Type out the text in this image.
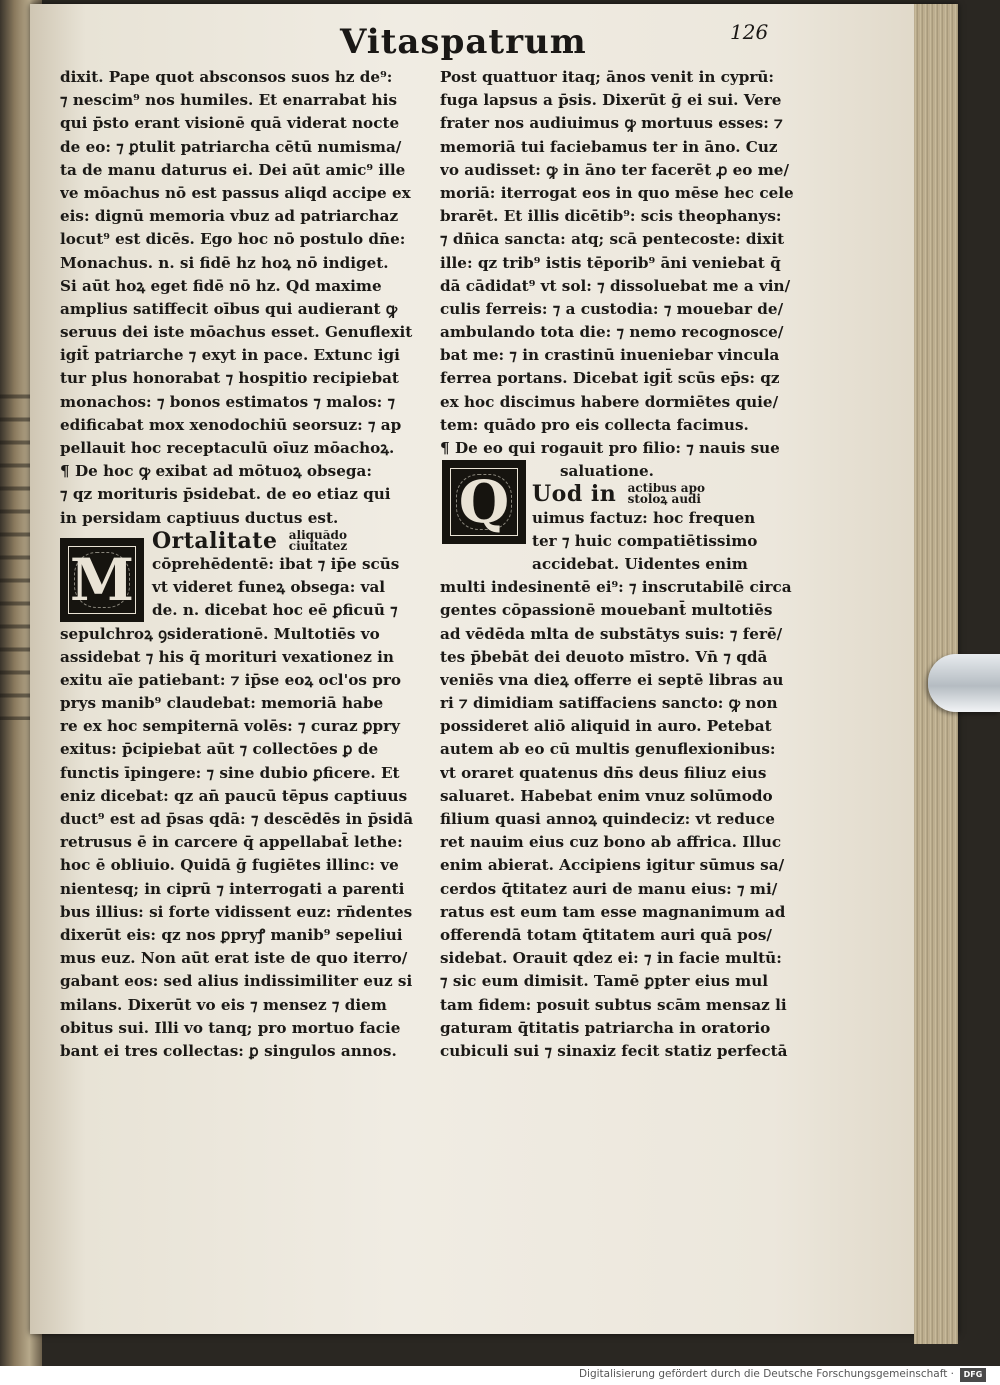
Vitaspatrum	126
dixit. Pape quot absconsos suos hz de⁹:
⁊ nescim⁹ nos humiles. Et enarrabat his
qui p̄sto erant visionē quā viderat nocte
de eo: ⁊ ꝑtulit patriarcha cētū numisma/
ta de manu daturus ei. Dei aūt amic⁹ ille
ve mōachus nō est passus aliqd accipe ex
eis: dignū memoria vbuz ad patriarchaz
locut⁹ est dicēs. Ego hoc nō postulo dn̄e:
Monachus. n. si fidē hz hoꝝ nō indiget.
Si aūt hoꝝ eget fidē nō hz. Qd maxime
amplius satiffecit oībus qui audierant ꝙ
seruus dei iste mōachus esset. Genuflexit
igit̄ patriarche ⁊ exyt in pace. Extunc igi
tur plus honorabat ⁊ hospitio recipiebat
monachos: ⁊ bonos estimatos ⁊ malos: ⁊
edificabat mox xenodochiū seorsuz: ⁊ ap
pellauit hoc receptaculū oīuz mōachoꝝ.
¶ De hoc ꝙ exibat ad mōtuoꝝ obsega:
⁊ qz morituris p̄sidebat. de eo etiaz qui
in persidam captiuus ductus est.
Ortalitate aliquādo
ciuitatez
cōprehēdentē: ibat ⁊ ip̄e scūs
vt videret funeꝝ obsega: val
de. n. dicebat hoc eē ꝑficuū ⁊
sepulchroꝝ ꝯsiderationē. Multotiēs vo
assidebat ⁊ his q̄ morituri vexationez in
exitu aīe patiebant: ⁊ ip̄se eoꝝ ocl'os pro
prys manib⁹ claudebat: memoriā habe
re ex hoc sempiternā volēs: ⁊ curaz ꝑpry
exitus: p̄cipiebat aūt ⁊ collectōes ꝑ de
functis īpingere: ⁊ sine dubio ꝑficere. Et
eniz dicebat: qz an̄ paucū tēpus captiuus
duct⁹ est ad p̄sas qdā: ⁊ descēdēs in p̄sidā
retrusus ē in carcere q̄ appellabat̄ lethe:
hoc ē obliuio. Quidā ḡ fugiētes illinc: ve
nientesq; in ciprū ⁊ interrogati a parenti
bus illius: si forte vidissent euz: rn̄dentes
dixerūt eis: qz nos ꝑpryꝭ manib⁹ sepeliui
mus euz. Non aūt erat iste de quo iterro/
gabant eos: sed alius indissimiliter euz si
milans. Dixerūt vo eis ⁊ mensez ⁊ diem
obitus sui. Illi vo tanq; pro mortuo facie
bant ei tres collectas: ꝑ singulos annos.
M
Post quattuor itaq; ānos venit in cyprū:
fuga lapsus a p̄sis. Dixerūt ḡ ei sui. Vere
frater nos audiuimus ꝙ mortuus esses: ⁊
memoriā tui faciebamus ter in āno. Cuz
vo audisset: ꝙ in āno ter facerēt ꝓ eo me/
moriā: iterrogat eos in quo mēse hec cele
brarēt. Et illis dicētib⁹: scis theophanys:
⁊ dn̄ica sancta: atq; scā pentecoste: dixit
ille: qz trib⁹ istis tēporib⁹ āni veniebat q̄
dā cādidat⁹ vt sol: ⁊ dissoluebat me a vin/
culis ferreis: ⁊ a custodia: ⁊ mouebar de/
ambulando tota die: ⁊ nemo recognosce/
bat me: ⁊ in crastinū inueniebar vincula
ferrea portans. Dicebat igit̄ scūs ep̄s: qz
ex hoc discimus habere dormiētes quie/
tem: quādo pro eis collecta facimus.
¶ De eo qui rogauit pro filio: ⁊ nauis sue
saluatione.
Uod in actibus apo
stoloꝝ audi
uimus factuz: hoc frequen
ter ⁊ huic compatiētissimo
accidebat. Uidentes enim
multi indesinentē ei⁹: ⁊ inscrutabilē circa
gentes cōpassionē mouebant̄ multotiēs
ad vēdēda mlta de substātys suis: ⁊ ferē/
tes p̄bebāt dei deuoto mīstro. Vn̄ ⁊ qdā
veniēs vna dieꝝ offerre ei septē libras au
ri ⁊ dimidiam satiffaciens sancto: ꝙ non
possideret aliō aliquid in auro. Petebat
autem ab eo cū multis genuflexionibus:
vt oraret quatenus dn̄s deus filiuz eius
saluaret. Habebat enim vnuz solūmodo
filium quasi annoꝝ quindeciz: vt reduce
ret nauim eius cuz bono ab affrica. Illuc
enim abierat. Accipiens igitur sūmus sa/
cerdos q̄titatez auri de manu eius: ⁊ mi/
ratus est eum tam esse magnanimum ad
offerendā totam q̄titatem auri quā pos/
sidebat. Orauit qdez ei: ⁊ in facie multū:
⁊ sic eum dimisit. Tamē ꝑpter eius mul
tam fidem: posuit subtus scām mensaz li
gaturam q̄titatis patriarcha in oratorio
cubiculi sui ⁊ sinaxiz fecit statiz perfectā
Q
Digitalisierung gefördert durch die Deutsche Forschungsgemeinschaft ·	DFG
